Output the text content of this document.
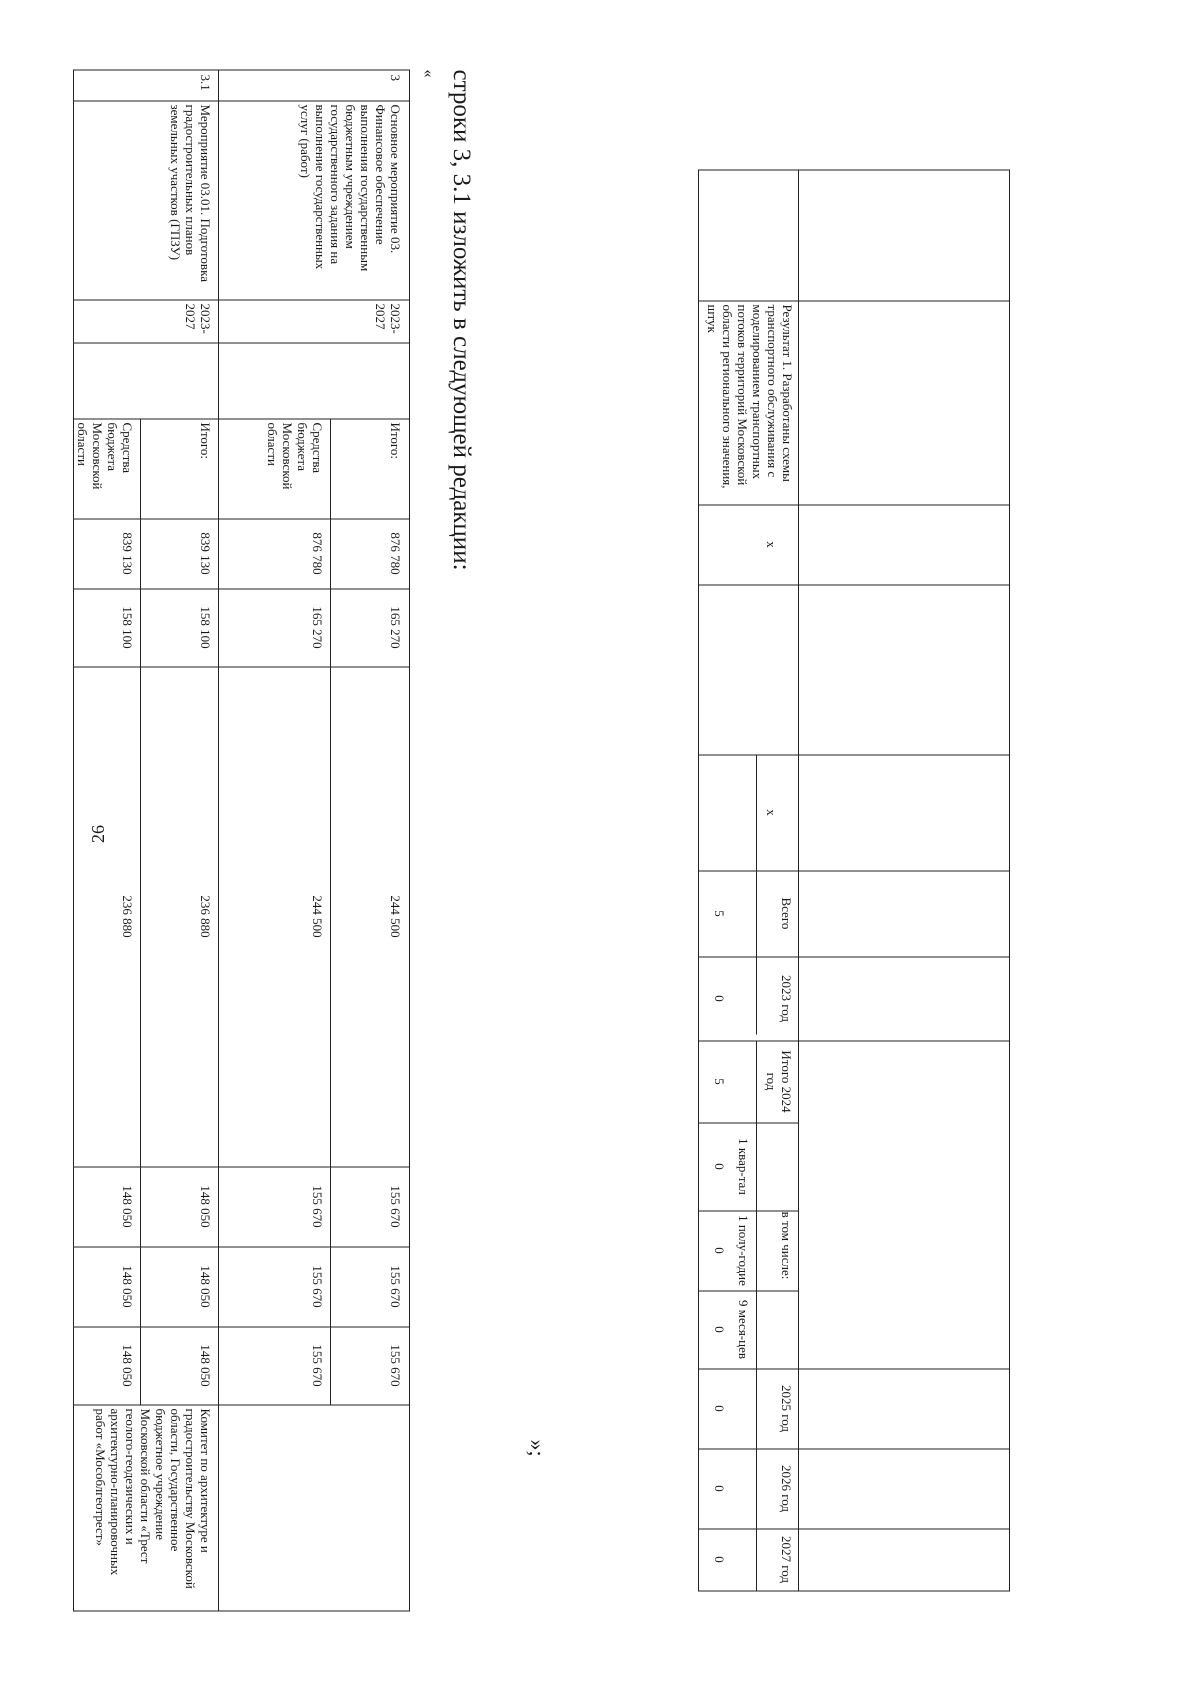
26
Всего
2023 год
Итого 2024 год
в том числе:
2025 год
2026 год
2027 год
1 квар-тал
1 полу-годие
9 меся-цев
Результат 1. Разработаны схемы транспортного обслуживания с моделированием транспортных потоков территорий Московской области регионального значения, штук
х
х
5
0
5
0
0
0
0
0
0
»;
строки 3, 3.1 изложить в следующей редакции:
«
3
Основное мероприятие 03. Финансовое обеспечение выполнения государственным бюджетным учреждением государственного задания на выполнение государственных услуг (работ)
2023-2027
Итого:
876 780
165 270
244 500
155 670
155 670
155 670
Средства бюджета Московской области
876 780
165 270
244 500
155 670
155 670
155 670
3.1
Мероприятие 03.01. Подготовка градостроительных планов земельных участков (ГПЗУ)
2023-2027
Итого:
839 130
158 100
236 880
148 050
148 050
148 050
Средства бюджета Московской области
839 130
158 100
236 880
148 050
148 050
148 050
Комитет по архитектуре и градостроительству Московской области, Государственное бюджетное учреждение Московской области «Трест геолого-геодезических и архитектурно-планировочных работ «Мособлгеотрест»
